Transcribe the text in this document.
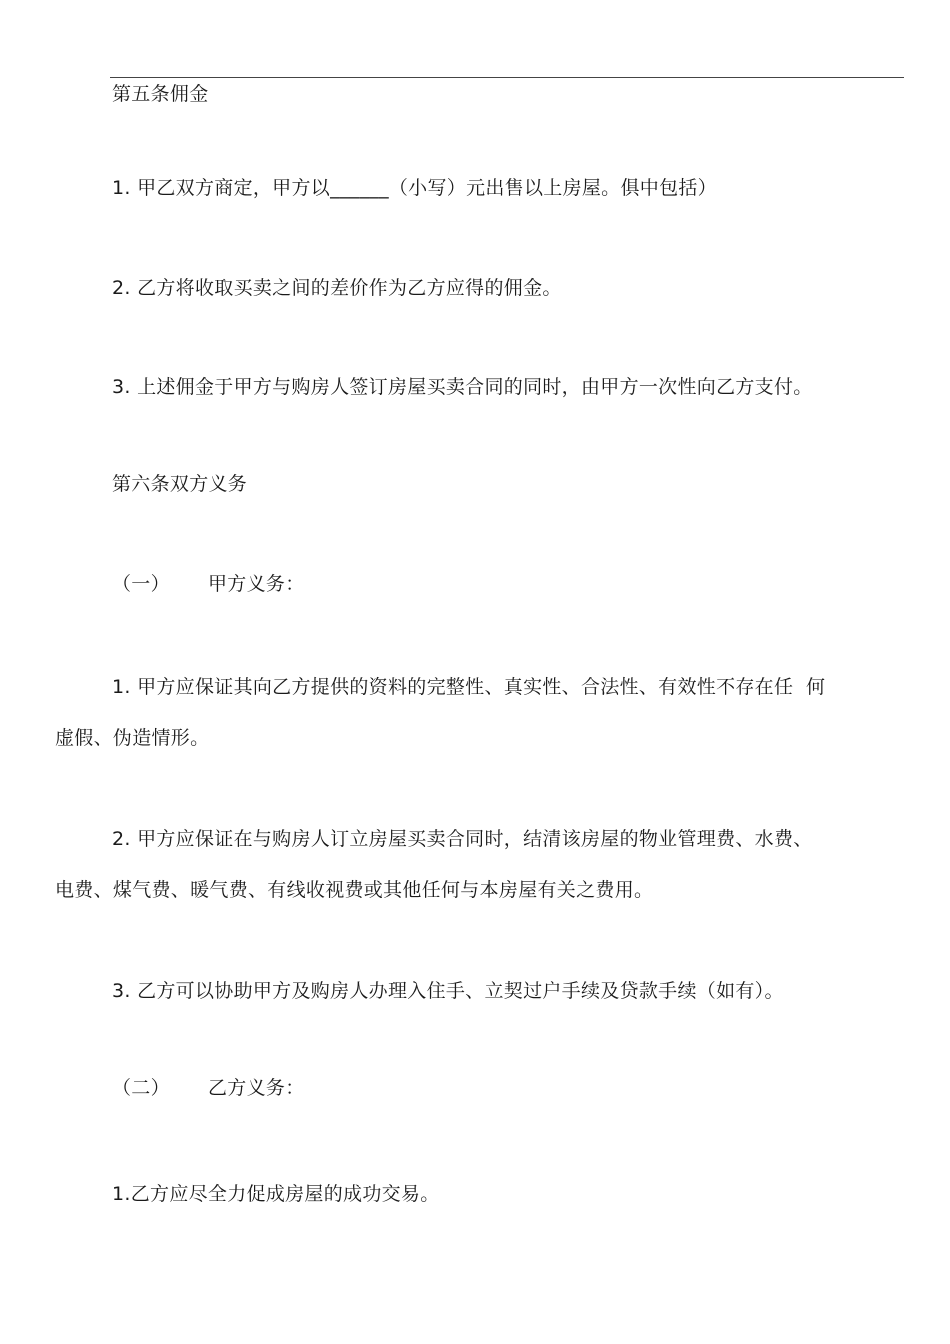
第五条佣金
1. 甲乙双方商定，甲方以______（小写）元出售以上房屋。俱中包括）
2. 乙方将收取买卖之间的差价作为乙方应得的佣金。
3. 上述佣金于甲方与购房人签订房屋买卖合同的同时，由甲方一次性向乙方支付。
第六条双方义务
（一） 甲方义务：
1. 甲方应保证其向乙方提供的资料的完整性、真实性、合法性、有效性不存在任  何
虚假、伪造情形。
2. 甲方应保证在与购房人订立房屋买卖合同时，结清该房屋的物业管理费、水费、
电费、煤气费、暖气费、有线收视费或其他任何与本房屋有关之费用。
3. 乙方可以协助甲方及购房人办理入住手、立契过户手续及贷款手续（如有）。
（二） 乙方义务：
1.乙方应尽全力促成房屋的成功交易。
